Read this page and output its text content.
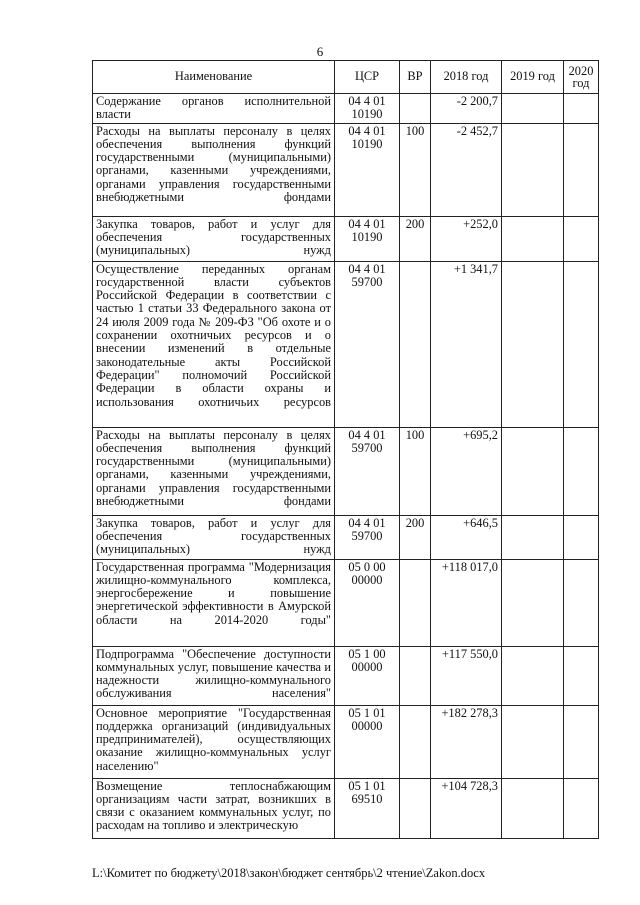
6
Наименование	ЦСР	ВР	2018 год	2019 год	2020 год
Содержание органов исполнительной власти	04 4 01 10190		-2 200,7		
Расходы на выплаты персоналу в целях обеспечения выполнения функций государственными (муниципальными) органами, казенными учреждениями, органами управления государственными внебюджетными фондами	04 4 01 10190	100	-2 452,7		
Закупка товаров, работ и услуг для обеспечения государственных (муниципальных) нужд	04 4 01 10190	200	+252,0		
Осуществление переданных органам государственной власти субъектов Российской Федерации в соответствии с частью 1 статьи 33 Федерального закона от 24 июля 2009 года № 209-ФЗ "Об охоте и о сохранении охотничьих ресурсов и о внесении изменений в отдельные законодательные акты Российской Федерации" полномочий Российской Федерации в области охраны и использования охотничьих ресурсов	04 4 01 59700		+1 341,7		
Расходы на выплаты персоналу в целях обеспечения выполнения функций государственными (муниципальными) органами, казенными учреждениями, органами управления государственными внебюджетными фондами	04 4 01 59700	100	+695,2		
Закупка товаров, работ и услуг для обеспечения государственных (муниципальных) нужд	04 4 01 59700	200	+646,5		
Государственная программа "Модернизация жилищно-коммунального комплекса, энергосбережение и повышение энергетической эффективности в Амурской области на 2014-2020 годы"	05 0 00 00000		+118 017,0		
Подпрограмма "Обеспечение доступности коммунальных услуг, повышение качества и надежности жилищно-коммунального обслуживания населения"	05 1 00 00000		+117 550,0		
Основное мероприятие "Государственная поддержка организаций (индивидуальных предпринимателей), осуществляющих оказание жилищно-коммунальных услуг населению"	05 1 01 00000		+182 278,3		
Возмещение теплоснабжающим организациям части затрат, возникших в связи с оказанием коммунальных услуг, по расходам на топливо и электрическую	05 1 01 69510		+104 728,3		
L:\Комитет по бюджету\2018\закон\бюджет сентябрь\2 чтение\Zakon.docx
